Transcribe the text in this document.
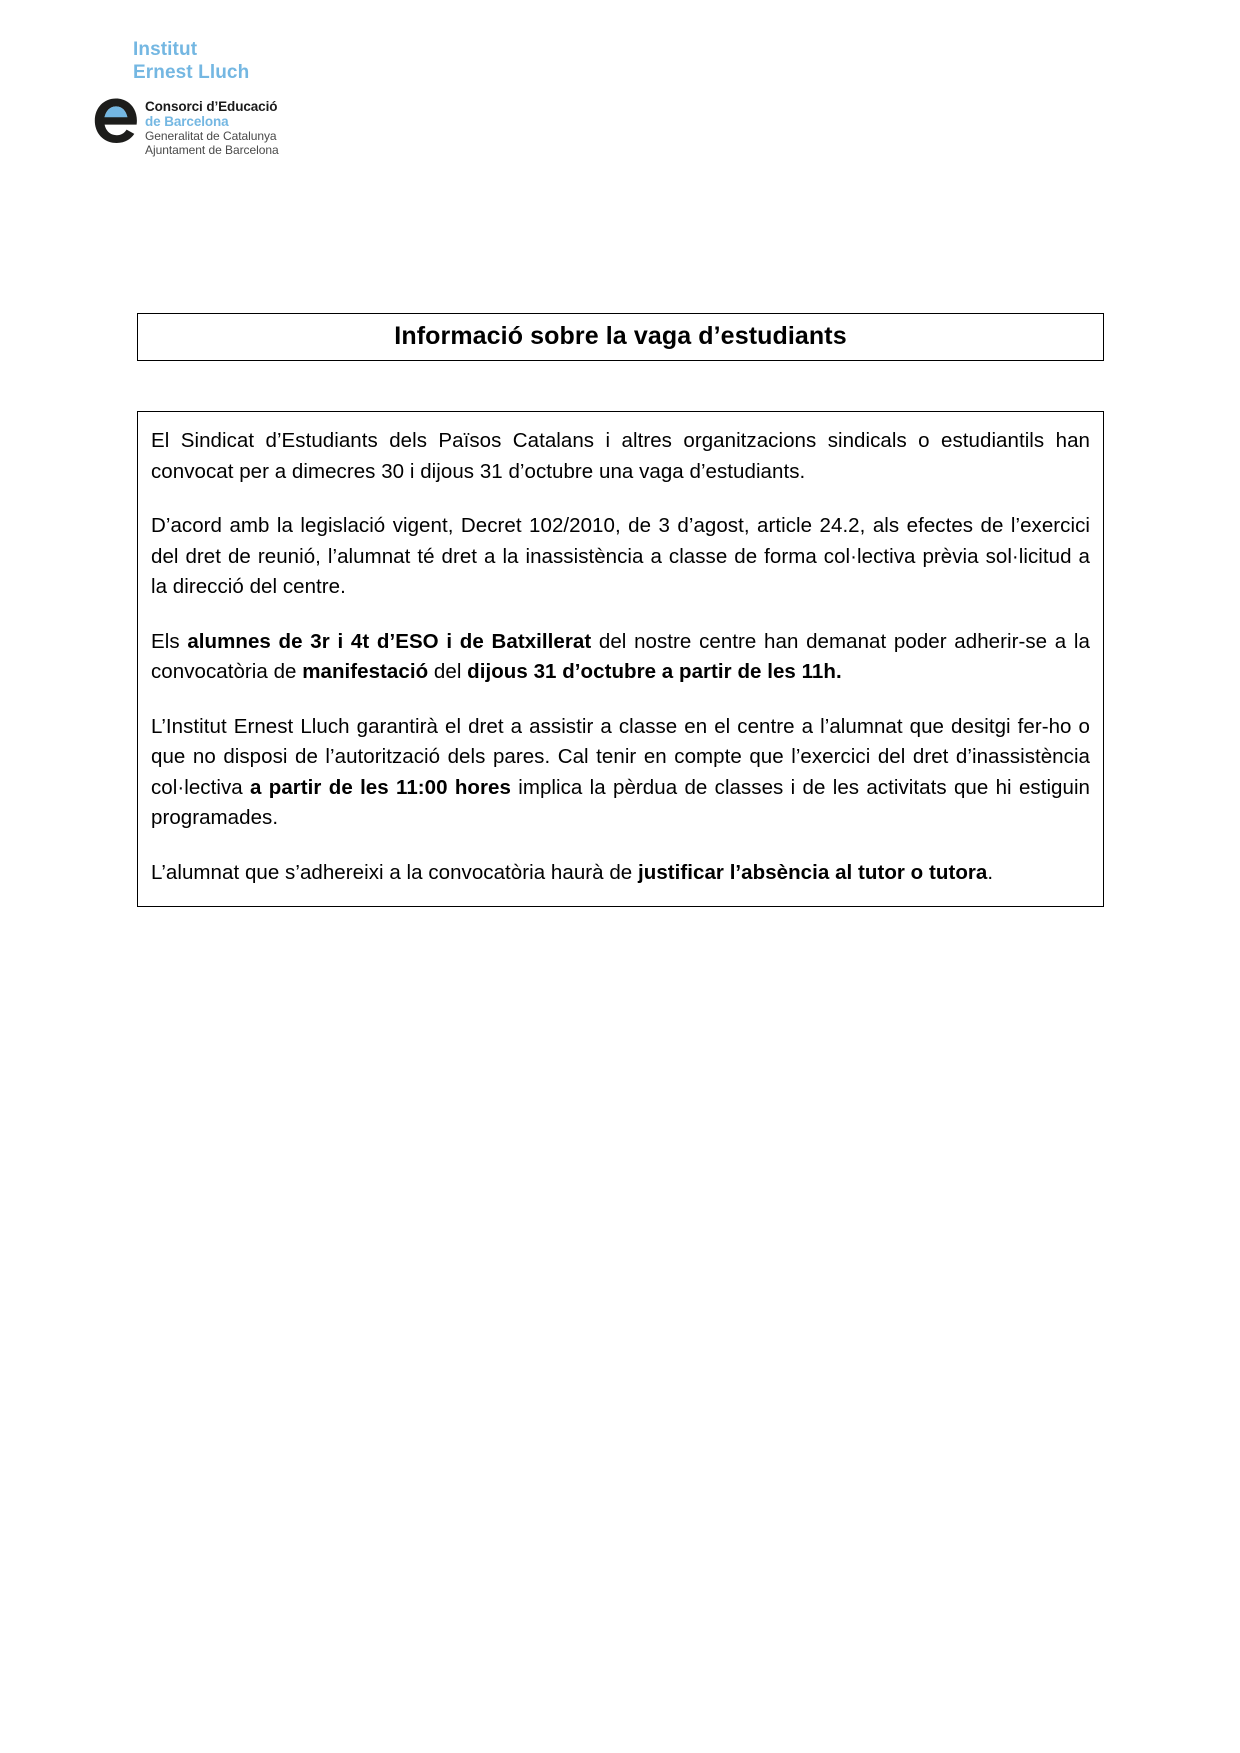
Institut
Ernest Lluch
Consorci d’Educació
de Barcelona
Generalitat de Catalunya
Ajuntament de Barcelona
Informació sobre la vaga d’estudiants

El Sindicat d’Estudiants dels Països Catalans i altres organitzacions sindicals o estudiantils han convocat per a dimecres 30 i dijous 31 d’octubre una vaga d’estudiants.

D’acord amb la legislació vigent, Decret 102/2010, de 3 d’agost, article 24.2, als efectes de l’exercici del dret de reunió, l’alumnat té dret a la inassistència a classe de forma col·lectiva prèvia sol·licitud a la direcció del centre.

Els alumnes de 3r i 4t d’ESO i de Batxillerat del nostre centre han demanat poder adherir-se a la convocatòria de manifestació del dijous 31 d’octubre a partir de les 11h.

L’Institut Ernest Lluch garantirà el dret a assistir a classe en el centre a l’alumnat que desitgi fer-ho o que no disposi de l’autorització dels pares. Cal tenir en compte que l’exercici del dret d’inassistència col·lectiva a partir de les 11:00 hores implica la pèrdua de classes i de les activitats que hi estiguin programades.

L’alumnat que s’adhereixi a la convocatòria haurà de justificar l’absència al tutor o tutora.
